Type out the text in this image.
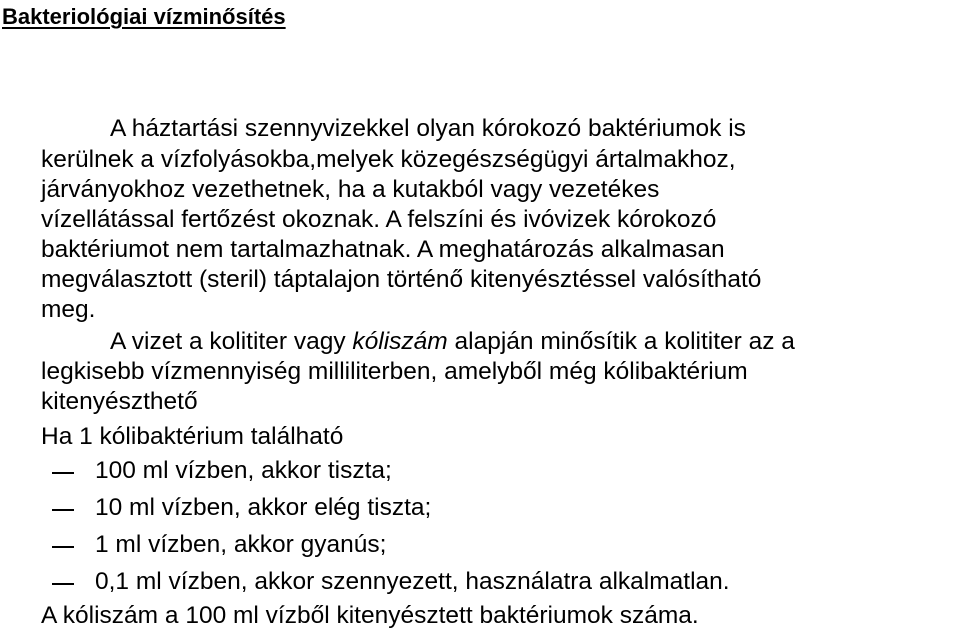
Bakteriológiai vízminősítés
A háztartási szennyvizekkel olyan kórokozó baktériumok is
kerülnek a vízfolyásokba,melyek közegészségügyi ártalmakhoz,
járványokhoz vezethetnek, ha a kutakból vagy vezetékes
vízellátással fertőzést okoznak. A felszíni és ivóvizek kórokozó
baktériumot nem tartalmazhatnak. A meghatározás alkalmasan
megválasztott (steril) táptalajon történő kitenyésztéssel valósítható
meg.
A vizet a kolititer vagy kóliszám alapján minősítik a kolititer az a
legkisebb vízmennyiség milliliterben, amelyből még kólibaktérium
kitenyészthető
Ha 1 kólibaktérium található
100 ml vízben, akkor tiszta;
10 ml vízben, akkor elég tiszta;
1 ml vízben, akkor gyanús;
0,1 ml vízben, akkor szennyezett, használatra alkalmatlan.
A kóliszám a 100 ml vízből kitenyésztett baktériumok száma.
